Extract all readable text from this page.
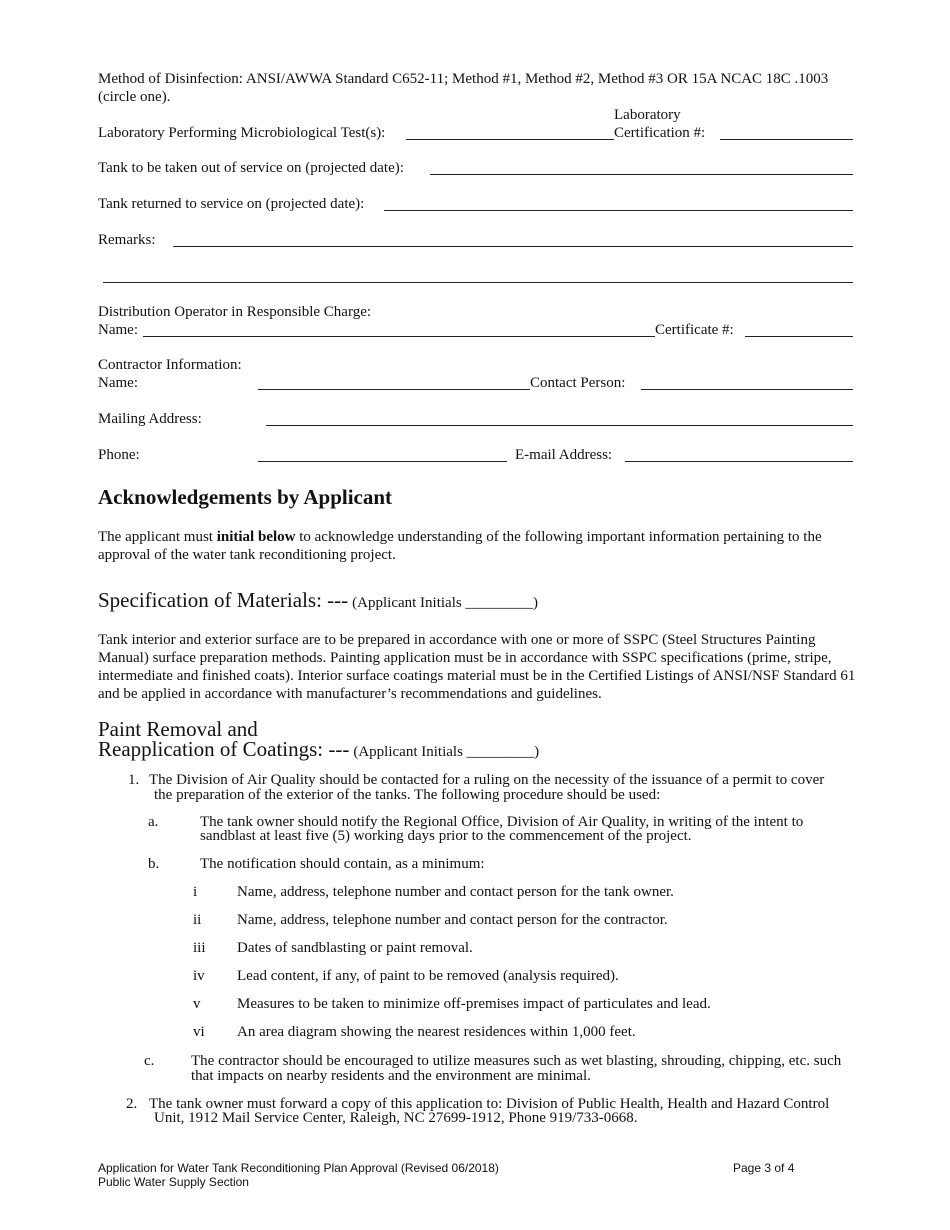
Method of Disinfection: ANSI/AWWA Standard C652-11; Method #1, Method #2, Method #3 OR 15A NCAC 18C .1003
(circle one).
Laboratory Performing Microbiological Test(s):
Laboratory
Certification #:
Tank to be taken out of service on (projected date):
Tank returned to service on (projected date):
Remarks:
Distribution Operator in Responsible Charge:
Name:	Certificate #:
Contractor Information:
Name:	Contact Person:
Mailing Address:
Phone:	E-mail Address:
Acknowledgements by Applicant
The applicant must initial below to acknowledge understanding of the following important information pertaining to the approval of the water tank reconditioning project.
Specification of Materials: --- (Applicant Initials _________)
Tank interior and exterior surface are to be prepared in accordance with one or more of SSPC (Steel Structures Painting Manual) surface preparation methods. Painting application must be in accordance with SSPC specifications (prime, stripe, intermediate and finished coats). Interior surface coatings material must be in the Certified Listings of ANSI/NSF Standard 61 and be applied in accordance with manufacturer’s recommendations and guidelines.
Paint Removal and
Reapplication of Coatings: --- (Applicant Initials _________)
1. The Division of Air Quality should be contacted for a ruling on the necessity of the issuance of a permit to cover
the preparation of the exterior of the tanks. The following procedure should be used:
a.	The tank owner should notify the Regional Office, Division of Air Quality, in writing of the intent to
sandblast at least five (5) working days prior to the commencement of the project.
b.	The notification should contain, as a minimum:
i	Name, address, telephone number and contact person for the tank owner.
ii Name, address, telephone number and contact person for the contractor.
iii Dates of sandblasting or paint removal.
iv Lead content, if any, of paint to be removed (analysis required).
v Measures to be taken to minimize off-premises impact of particulates and lead.
vi An area diagram showing the nearest residences within 1,000 feet.
c. The contractor should be encouraged to utilize measures such as wet blasting, shrouding, chipping, etc. such
that impacts on nearby residents and the environment are minimal.
2. The tank owner must forward a copy of this application to: Division of Public Health, Health and Hazard Control
Unit, 1912 Mail Service Center, Raleigh, NC 27699-1912, Phone 919/733-0668.
Application for Water Tank Reconditioning Plan Approval (Revised 06/2018)
Public Water Supply Section
Page 3 of 4
